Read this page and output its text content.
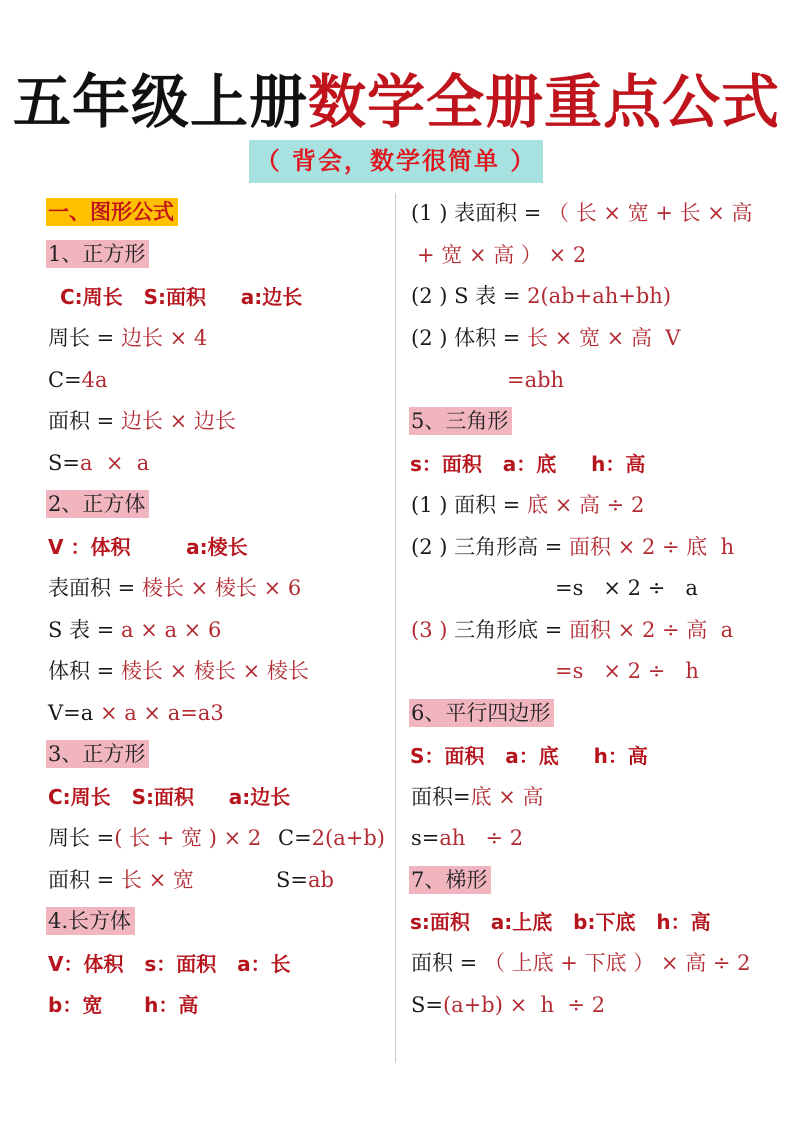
五年级上册数学全册重点公式
（ 背会，数学很简单 ）
一、图形公式
1、正方形
C:周长   S:面积     a:边长
周长 = 边长 × 4
C=4a
面积 = 边长 × 边长
S=a  ×  a
2、正方体
V ：体积        a:棱长
表面积 = 棱长 × 棱长 × 6
S 表 = a × a × 6
体积 = 棱长 × 棱长 × 棱长
V=a × a × a=a3
3、正方形
C:周长   S:面积     a:边长
周长 =( 长 + 宽 ) × 2 C=2(a+b)
面积 = 长 × 宽	S=ab
4.长方体
V：体积   s：面积   a：长
b：宽      h：高
(1 ) 表面积 = （ 长 × 宽 + 长 × 高
+ 宽 × 高 ） × 2
(2 ) S 表 = 2(ab+ah+bh)
(2 ) 体积 = 长 × 宽 × 高  V
=abh
5、三角形
s：面积   a：底     h：高
(1 ) 面积 = 底 × 高 ÷ 2
(2 ) 三角形高 = 面积 × 2 ÷ 底  h
=s   × 2 ÷   a
(3 ) 三角形底 = 面积 × 2 ÷ 高  a
=s   × 2 ÷   h
6、平行四边形
S：面积   a：底     h：高
面积=底 × 高
s=ah   ÷ 2
7、梯形
s:面积   a:上底   b:下底   h：高
面积 = （ 上底 + 下底 ） × 高 ÷ 2
S=(a+b) ×  h  ÷ 2
